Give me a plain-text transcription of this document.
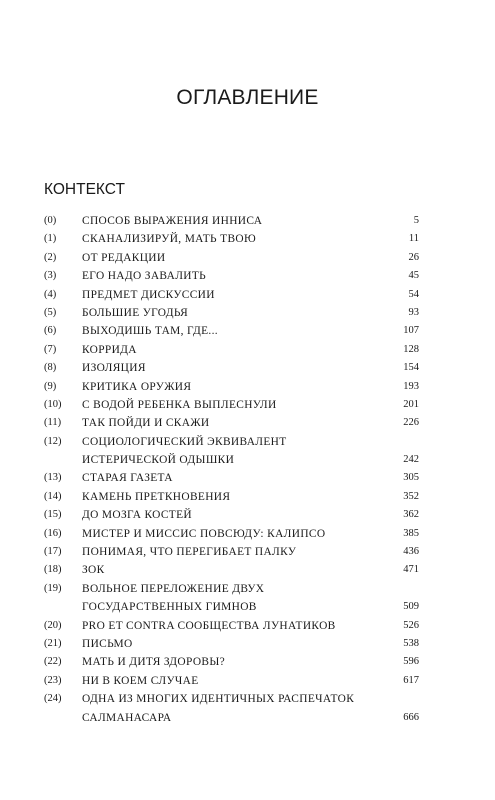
ОГЛАВЛЕНИЕ
КОНТЕКСТ
(0) СПОСОБ ВЫРАЖЕНИЯ ИННИСА	5
(1) СКАНАЛИЗИРУЙ, МАТЬ ТВОЮ	11
(2) ОТ РЕДАКЦИИ	26
(3) ЕГО НАДО ЗАВАЛИТЬ	45
(4) ПРЕДМЕТ ДИСКУССИИ	54
(5) БОЛЬШИЕ УГОДЬЯ	93
(6) ВЫХОДИШЬ ТАМ, ГДЕ...	107
(7) КОРРИДА	128
(8) ИЗОЛЯЦИЯ	154
(9) КРИТИКА ОРУЖИЯ	193
(10) С ВОДОЙ РЕБЕНКА ВЫПЛЕСНУЛИ	201
(11) ТАК ПОЙДИ И СКАЖИ	226
(12) СОЦИОЛОГИЧЕСКИЙ ЭКВИВАЛЕНТ
ИСТЕРИЧЕСКОЙ ОДЫШКИ	242
(13) СТАРАЯ ГАЗЕТА	305
(14) КАМЕНЬ ПРЕТКНОВЕНИЯ	352
(15) ДО МОЗГА КОСТЕЙ	362
(16) МИСТЕР И МИССИС ПОВСЮДУ: КАЛИПСО	385
(17) ПОНИМАЯ, ЧТО ПЕРЕГИБАЕТ ПАЛКУ	436
(18) ЗОК	471
(19) ВОЛЬНОЕ ПЕРЕЛОЖЕНИЕ ДВУХ
ГОСУДАРСТВЕННЫХ ГИМНОВ	509
(20) PRO ET CONTRA СООБЩЕСТВА ЛУНАТИКОВ	526
(21) ПИСЬМО	538
(22) МАТЬ И ДИТЯ ЗДОРОВЫ?	596
(23) НИ В КОЕМ СЛУЧАЕ	617
(24) ОДНА ИЗ МНОГИХ ИДЕНТИЧНЫХ РАСПЕЧАТОК
САЛМАНАСАРА	666
